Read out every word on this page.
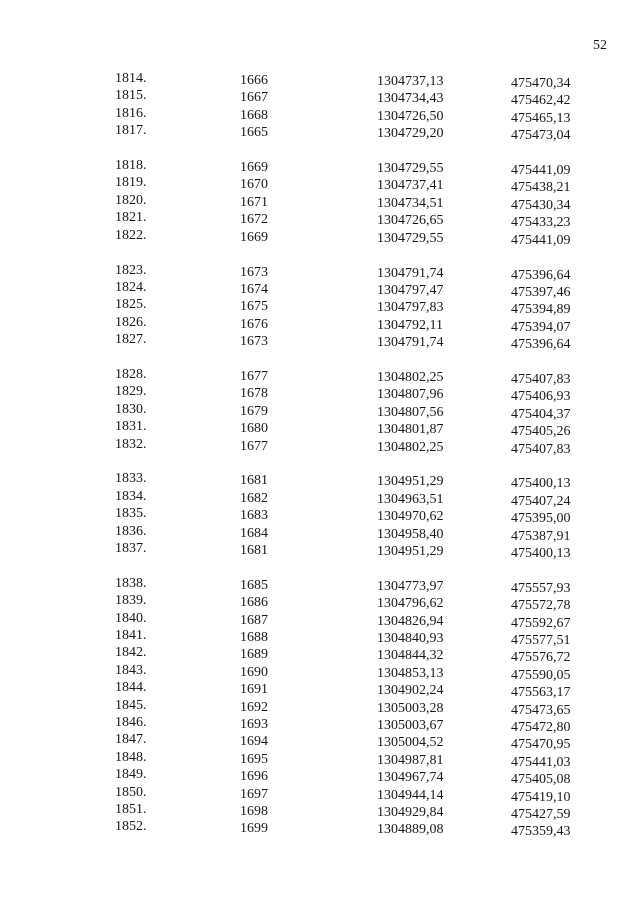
52
1814.	1666	1304737,13	475470,34
1815.	1667	1304734,43	475462,42
1816.	1668	1304726,50	475465,13
1817.	1665	1304729,20	475473,04
1818.	1669	1304729,55	475441,09
1819.	1670	1304737,41	475438,21
1820.	1671	1304734,51	475430,34
1821.	1672	1304726,65	475433,23
1822.	1669	1304729,55	475441,09
1823.	1673	1304791,74	475396,64
1824.	1674	1304797,47	475397,46
1825.	1675	1304797,83	475394,89
1826.	1676	1304792,11	475394,07
1827.	1673	1304791,74	475396,64
1828.	1677	1304802,25	475407,83
1829.	1678	1304807,96	475406,93
1830.	1679	1304807,56	475404,37
1831.	1680	1304801,87	475405,26
1832.	1677	1304802,25	475407,83
1833.	1681	1304951,29	475400,13
1834.	1682	1304963,51	475407,24
1835.	1683	1304970,62	475395,00
1836.	1684	1304958,40	475387,91
1837.	1681	1304951,29	475400,13
1838.	1685	1304773,97	475557,93
1839.	1686	1304796,62	475572,78
1840.	1687	1304826,94	475592,67
1841.	1688	1304840,93	475577,51
1842.	1689	1304844,32	475576,72
1843.	1690	1304853,13	475590,05
1844.	1691	1304902,24	475563,17
1845.	1692	1305003,28	475473,65
1846.	1693	1305003,67	475472,80
1847.	1694	1305004,52	475470,95
1848.	1695	1304987,81	475441,03
1849.	1696	1304967,74	475405,08
1850.	1697	1304944,14	475419,10
1851.	1698	1304929,84	475427,59
1852.	1699	1304889,08	475359,43
